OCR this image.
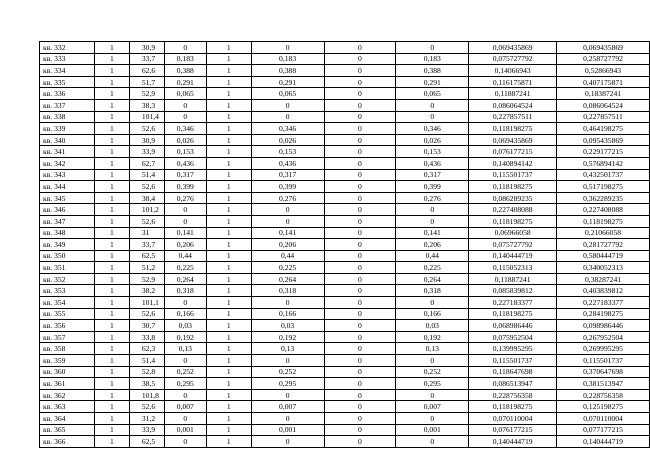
кв. 332	1	30,9	0	1	0	0	0	0,069435869	0,069435869
кв. 333	1	33,7	0,183	1	0,183	0	0,183	0,075727792	0,258727792
кв. 334	1	62,6	0,388	1	0,388	0	0,388	0,14066943	0,52866943
кв. 335	1	51,7	0,291	1	0,291	0	0,291	0,116175871	0,407175871
кв. 336	1	52,9	0,065	1	0,065	0	0,065	0,11887241	0,18387241
кв. 337	1	38,3	0	1	0	0	0	0,086064524	0,086064524
кв. 338	1	101,4	0	1	0	0	0	0,227857511	0,227857511
кв. 339	1	52,6	0,346	1	0,346	0	0,346	0,118198275	0,464198275
кв. 340	1	30,9	0,026	1	0,026	0	0,026	0,069435869	0,095435869
кв. 341	1	33,9	0,153	1	0,153	0	0,153	0,076177215	0,229177215
кв. 342	1	62,7	0,436	1	0,436	0	0,436	0,140894142	0,576894142
кв. 343	1	51,4	0,317	1	0,317	0	0,317	0,115501737	0,432501737
кв. 344	1	52,6	0,399	1	0,399	0	0,399	0,118198275	0,517198275
кв. 345	1	38,4	0,276	1	0,276	0	0,276	0,086289235	0,362289235
кв. 346	1	101,2	0	1	0	0	0	0,227408088	0,227408088
кв. 347	1	52,6	0	1	0	0	0	0,118198275	0,118198275
кв. 348	1	31	0,141	1	0,141	0	0,141	0,06966058	0,21066058
кв. 349	1	33,7	0,206	1	0,206	0	0,206	0,075727792	0,281727792
кв. 350	1	62,5	0,44	1	0,44	0	0,44	0,140444719	0,580444719
кв. 351	1	51,2	0,225	1	0,225	0	0,225	0,115052313	0,340052313
кв. 352	1	52,9	0,264	1	0,264	0	0,264	0,11887241	0,38287241
кв. 353	1	38,2	0,318	1	0,318	0	0,318	0,085839812	0,403839812
кв. 354	1	101,1	0	1	0	0	0	0,227183377	0,227183377
кв. 355	1	52,6	0,166	1	0,166	0	0,166	0,118198275	0,284198275
кв. 356	1	30,7	0,03	1	0,03	0	0,03	0,068986446	0,098986446
кв. 357	1	33,8	0,192	1	0,192	0	0,192	0,075952504	0,267952504
кв. 358	1	62,3	0,13	1	0,13	0	0,13	0,139995295	0,269995295
кв. 359	1	51,4	0	1	0	0	0	0,115501737	0,115501737
кв. 360	1	52,8	0,252	1	0,252	0	0,252	0,118647698	0,370647698
кв. 361	1	38,5	0,295	1	0,295	0	0,295	0,086513947	0,381513947
кв. 362	1	101,8	0	1	0	0	0	0,228756358	0,228756358
кв. 363	1	52,6	0,007	1	0,007	0	0,007	0,118198275	0,125198275
кв. 364	1	31,2	0	1	0	0	0	0,070110004	0,070110004
кв. 365	1	33,9	0,001	1	0,001	0	0,001	0,076177215	0,077177215
кв. 366	1	62,5	0	1	0	0	0	0,140444719	0,140444719
